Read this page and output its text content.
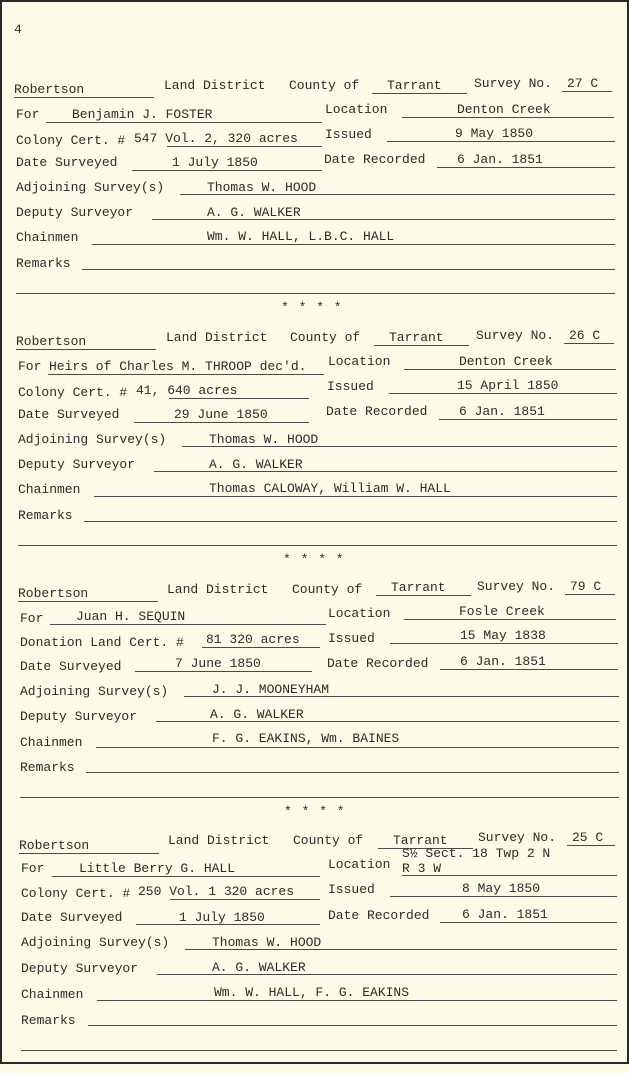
4
Robertson	Land District County of Tarrant Survey No. 27 C
For	Benjamin J. FOSTER	Location	Denton Creek
Colony Cert. # 547 Vol. 2, 320 acres Issued	9 May 1850
Date Surveyed	1 July 1850	Date Recorded 6 Jan. 1851
Adjoining Survey(s)	Thomas W. HOOD
Deputy Surveyor	A. G. WALKER
Chainmen	Wm. W. HALL, L.B.C. HALL
Remarks
* * * *
Robertson	Land District County of Tarrant Survey No. 26 C
For Heirs of Charles M. THROOP dec'd. Location	Denton Creek
Colony Cert. # 41, 640 acres	Issued	15 April 1850
Date Surveyed	29 June 1850	Date Recorded 6 Jan. 1851
Adjoining Survey(s)	Thomas W. HOOD
Deputy Surveyor	A. G. WALKER
Chainmen	Thomas CALOWAY, William W. HALL
Remarks
* * * *
Robertson	Land District County of Tarrant Survey No. 79 C
For	Juan H. SEQUIN	Location	Fosle Creek
Donation Land Cert. # 81 320 acres Issued	15 May 1838
Date Surveyed	7 June 1850	Date Recorded 6 Jan. 1851
Adjoining Survey(s)	J. J. MOONEYHAM
Deputy Surveyor	A. G. WALKER
Chainmen	F. G. EAKINS, Wm. BAINES
Remarks
* * * *
Robertson	Land District County of Tarrant Survey No. 25 C
For	Little Berry G. HALL	Location
S½ Sect. 18 Twp 2 N
R 3 W
Colony Cert. # 250 Vol. 1 320 acres	Issued	8 May 1850
Date Surveyed	1 July 1850	Date Recorded	6 Jan. 1851
Adjoining Survey(s)	Thomas W. HOOD
Deputy Surveyor	A. G. WALKER
Chainmen	Wm. W. HALL, F. G. EAKINS
Remarks
